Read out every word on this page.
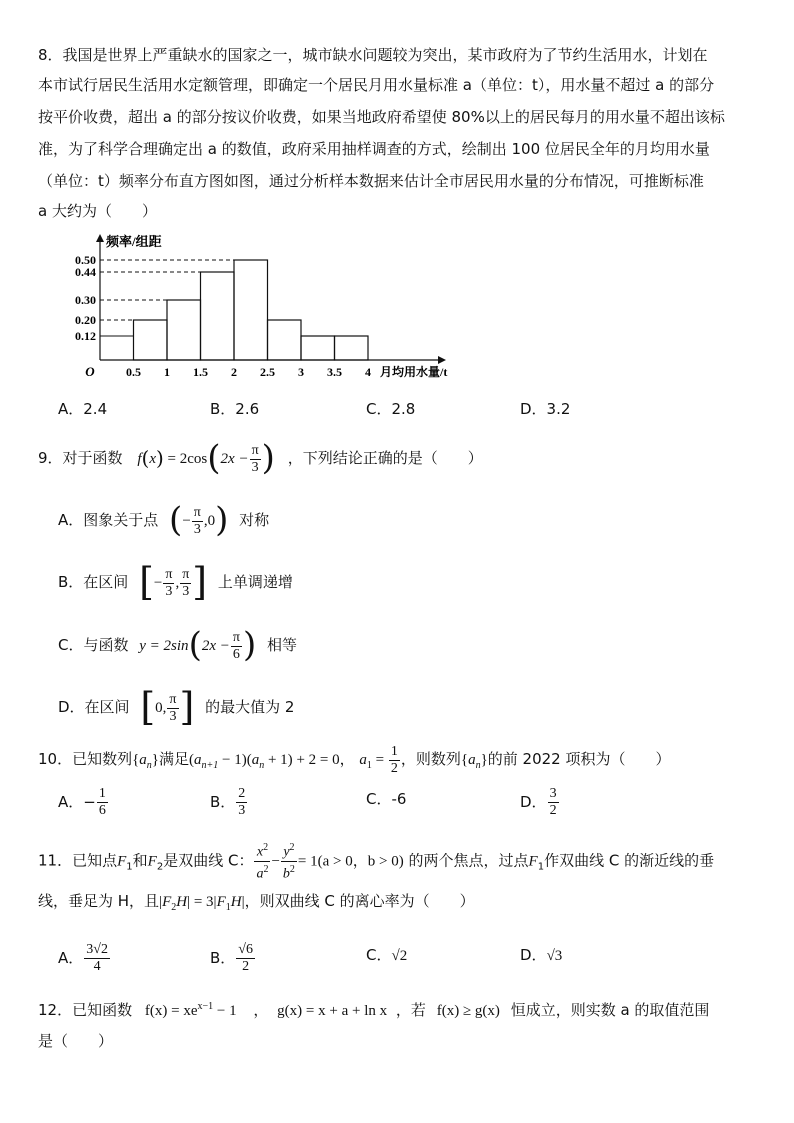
8．我国是世界上严重缺水的国家之一，城市缺水问题较为突出，某市政府为了节约生活用水，计划在
本市试行居民生活用水定额管理，即确定一个居民月用水量标准 a（单位：t），用水量不超过 a 的部分
按平价收费，超出 a 的部分按议价收费，如果当地政府希望使 80%以上的居民每月的用水量不超出该标
准，为了科学合理确定出 a 的数值，政府采用抽样调查的方式，绘制出 100 位居民全年的月均用水量
（单位：t）频率分布直方图如图，通过分析样本数据来估计全市居民用水量的分布情况，可推断标准
a 大约为（　　）
0.50
0.44
0.30
0.20
0.12
0.5 1 1.5 2 2.5 3 3.5 4
O
频率/组距
月均用水量/t
A．2.4	B．2.6	C．2.8	D．3.2
9．对于函数 $f(x) = 2\cos(2x - \frac{\pi}{3}$ ) ，下列结论正确的是（　　）
A．图象关于点 (− $\frac{\pi}{3} ,0$) 对称
B．在区间 [− $\frac{\pi}{3}$ , $\frac{\pi}{3}$ ] 上单调递增
C．与函数 $y = 2\sin(2x - \frac{\pi}{6}$ ) 相等
D．在区间 [0, $\frac{\pi}{3}$ ] 的最大值为 2
10．已知数列$\{a_n\}$满足$(a_{n+1} - 1)(a_n + 1) + 2 = 0$， $a_1 = \frac{1}{2}$ ，则数列$\{a_n\}$的前 2022 项积为（　　）
A．− $\frac{1}{6}$	B． $\frac{2}{3}$	C．-6	D． $\frac{3}{2}$
11．已知点$F_1$和$F_2$是双曲线 C： $\frac{x^2}{a^2} - \frac{y^2}{b^2} = 1(a > 0$，b > 0) 的两个焦点，过点$F_1$作双曲线 C 的渐近线的垂
线，垂足为 H，且$|F_2H| = 3|F_1H|$，则双曲线 C 的离心率为（　　）
A． $\frac{3√2}{4}$	B． $\frac{√6}{2}$	C．√2	D．√3
12．已知函数 $f(x) = xe^{x-1} - 1$ ， g(x) = x + a + ln x ，若 f(x) ≥ g(x) 恒成立，则实数 a 的取值范围
是（　　）
